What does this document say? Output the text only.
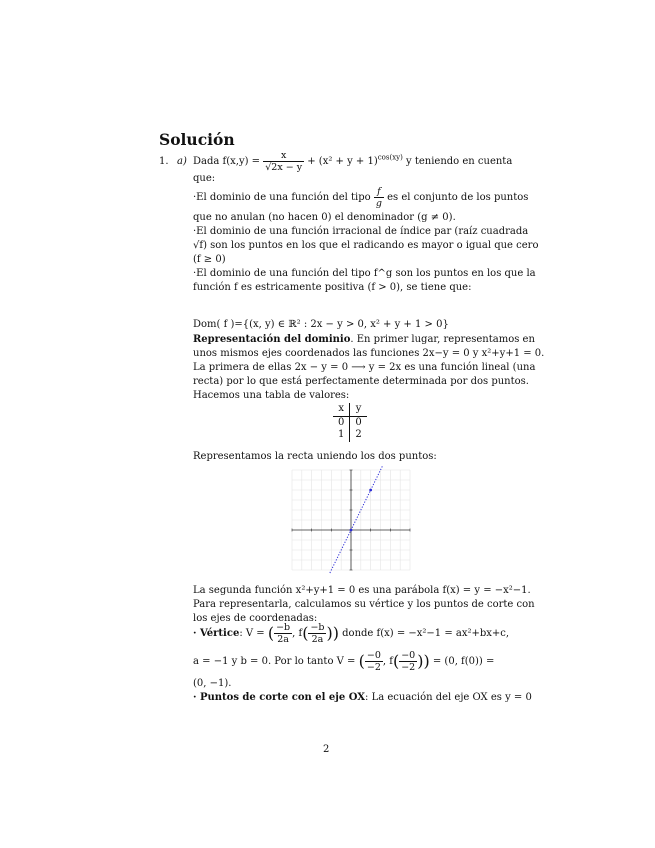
Solución
1. a) Dada $f(x,y) = \frac{x}{√2x - y} + (x^2 + y + 1)^{cos(xy)}$ y teniendo en cuenta
que:
·El dominio de una función del tipo $\frac{f}{g}$ es el conjunto de los puntos
que no anulan (no hacen 0) el denominador (g ≠ 0).
·El dominio de una función irracional de índice par (raíz cuadrada
√f) son los puntos en los que el radicando es mayor o igual que cero
(f ≥ 0)
·El dominio de una función del tipo f^g son los puntos en los que la
función f es estricamente positiva (f > 0), se tiene que:
Dom( f )={(x, y) ∈ ℝ² : 2x − y > 0, x² + y + 1 > 0}
Representación del dominio. En primer lugar, representamos en
unos mismos ejes coordenados las funciones 2x−y = 0 y x²+y+1 = 0.
La primera de ellas 2x − y = 0 ⟶ y = 2x es una función lineal (una
recta) por lo que está perfectamente determinada por dos puntos.
Hacemos una tabla de valores:
x	y
0	0
1	2
Representamos la recta uniendo los dos puntos:
La segunda función x²+y+1 = 0 es una parábola f(x) = y = −x²−1.
Para representarla, calculamos su vértice y los puntos de corte con
los ejes de coordenadas:
· Vértice: V = ( $\frac{-b}{2a}$ , $f( \frac{-b}{2a}$ )) donde f(x) = −x²−1 = ax²+bx+c,
a = −1 y b = 0. Por lo tanto V = ( $\frac{-0}{-2}$ , $f( \frac{-0}{-2}$ )) = (0, f(0)) =
(0, −1).
· Puntos de corte con el eje OX: La ecuación del eje OX es y = 0
2
